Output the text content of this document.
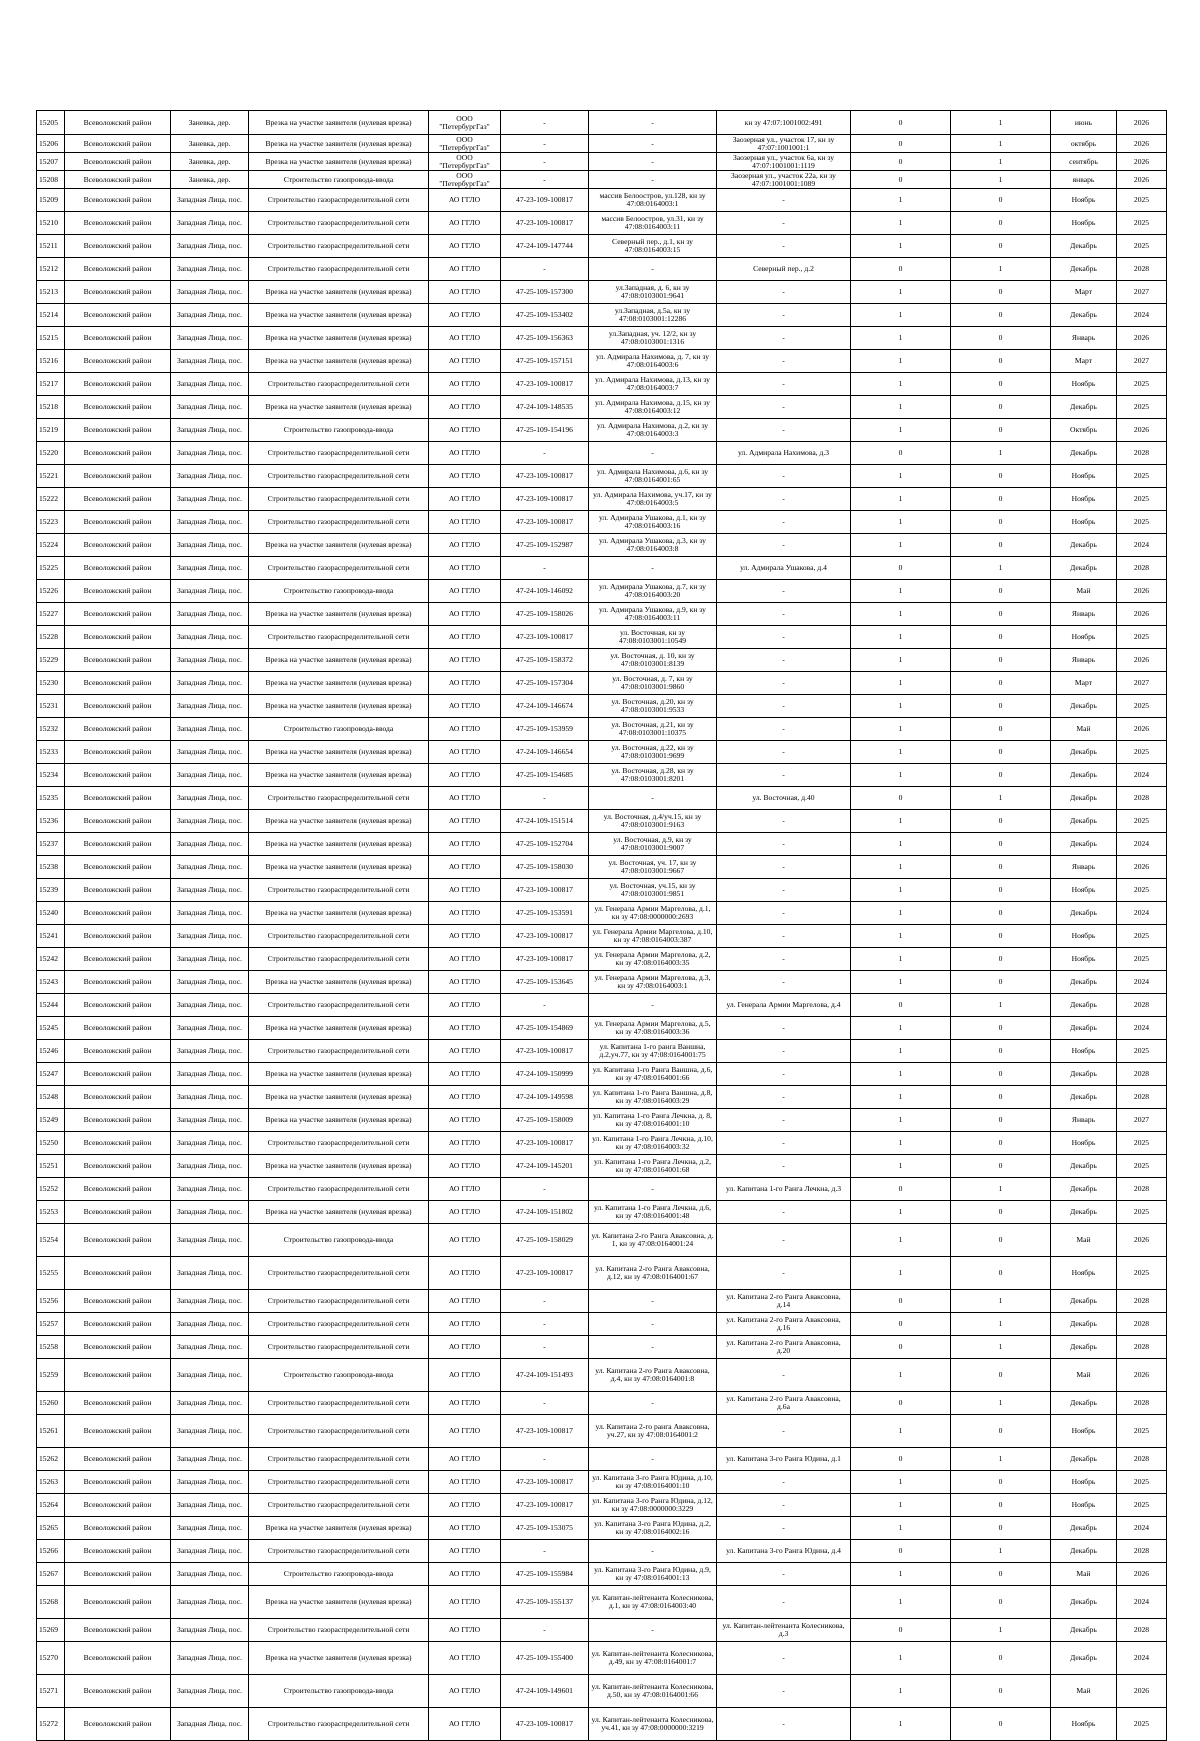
15205	Всеволожский район	Заневка, дер.	Врезка на участке заявителя (нулевая врезка)	ООО "ПетербургГаз"	-	-	кн зу 47:07:1001002:491	0	1	июнь	2026
15206	Всеволожский район	Заневка, дер.	Врезка на участке заявителя (нулевая врезка)	ООО "ПетербургГаз"	-	-	Заозерная ул., участок 17, кн зу 47:07:1001001:1	0	1	октябрь	2026
15207	Всеволожский район	Заневка, дер.	Врезка на участке заявителя (нулевая врезка)	ООО "ПетербургГаз"	-	-	Заозерная ул., участок 6а, кн зу 47:07:1001001:1119	0	1	сентябрь	2026
15208	Всеволожский район	Заневка, дер.	Строительство газопровода-ввода	ООО "ПетербургГаз"	-	-	Заозерная ул., участок 22а, кн зу 47:07:1001001:1089	0	1	январь	2026
15209	Всеволожский район	Западная Лица, пос.	Строительство газораспределительной сети	АО ГГЛО	47-23-109-100817	массив Белоостров, ул.128, кн зу 47:08:0164003:1	-	1	0	Ноябрь	2025
15210	Всеволожский район	Западная Лица, пос.	Строительство газораспределительной сети	АО ГГЛО	47-23-109-100817	массив Белоостров, ул.31, кн зу 47:08:0164003:11	-	1	0	Ноябрь	2025
15211	Всеволожский район	Западная Лица, пос.	Строительство газораспределительной сети	АО ГГЛО	47-24-109-147744	Северный пер., д.1, кн зу 47:08:0164003:15	-	1	0	Декабрь	2025
15212	Всеволожский район	Западная Лица, пос.	Строительство газораспределительной сети	АО ГГЛО	-	-	Северный пер., д.2	0	1	Декабрь	2028
15213	Всеволожский район	Западная Лица, пос.	Врезка на участке заявителя (нулевая врезка)	АО ГГЛО	47-25-109-157300	ул.Западная, д. 6, кн зу 47:08:0103001:9641	-	1	0	Март	2027
15214	Всеволожский район	Западная Лица, пос.	Врезка на участке заявителя (нулевая врезка)	АО ГГЛО	47-25-109-153402	ул.Западная, д.5а, кн зу 47:08:0103001:12286	-	1	0	Декабрь	2024
15215	Всеволожский район	Западная Лица, пос.	Врезка на участке заявителя (нулевая врезка)	АО ГГЛО	47-25-109-156363	ул.Западная, уч. 12/2, кн зу 47:08:0103001:1316	-	1	0	Январь	2026
15216	Всеволожский район	Западная Лица, пос.	Врезка на участке заявителя (нулевая врезка)	АО ГГЛО	47-25-109-157151	ул. Адмирала Нахимова, д. 7, кн зу 47:08:0164003:6	-	1	0	Март	2027
15217	Всеволожский район	Западная Лица, пос.	Строительство газораспределительной сети	АО ГГЛО	47-23-109-100817	ул. Адмирала Нахимова, д.13, кн зу 47:08:0164003:7	-	1	0	Ноябрь	2025
15218	Всеволожский район	Западная Лица, пос.	Врезка на участке заявителя (нулевая врезка)	АО ГГЛО	47-24-109-148535	ул. Адмирала Нахимова, д.15, кн зу 47:08:0164003:12	-	1	0	Декабрь	2025
15219	Всеволожский район	Западная Лица, пос.	Строительство газопровода-ввода	АО ГГЛО	47-25-109-154196	ул. Адмирала Нахимова, д.2, кн зу 47:08:0164003:3	-	1	0	Октябрь	2026
15220	Всеволожский район	Западная Лица, пос.	Строительство газораспределительной сети	АО ГГЛО	-	-	ул. Адмирала Нахимова, д.3	0	1	Декабрь	2028
15221	Всеволожский район	Западная Лица, пос.	Строительство газораспределительной сети	АО ГГЛО	47-23-109-100817	ул. Адмирала Нахимова, д.6, кн зу 47:08:0164001:65	-	1	0	Ноябрь	2025
15222	Всеволожский район	Западная Лица, пос.	Строительство газораспределительной сети	АО ГГЛО	47-23-109-100817	ул. Адмирала Нахимова, уч.17, кн зу 47:08:0164003:5	-	1	0	Ноябрь	2025
15223	Всеволожский район	Западная Лица, пос.	Строительство газораспределительной сети	АО ГГЛО	47-23-109-100817	ул. Адмирала Ушакова, д.1, кн зу 47:08:0164003:16	-	1	0	Ноябрь	2025
15224	Всеволожский район	Западная Лица, пос.	Врезка на участке заявителя (нулевая врезка)	АО ГГЛО	47-25-109-152987	ул. Адмирала Ушакова, д.3, кн зу 47:08:0164003:8	-	1	0	Декабрь	2024
15225	Всеволожский район	Западная Лица, пос.	Строительство газораспределительной сети	АО ГГЛО	-	-	ул. Адмирала Ушакова, д.4	0	1	Декабрь	2028
15226	Всеволожский район	Западная Лица, пос.	Строительство газопровода-ввода	АО ГГЛО	47-24-109-146092	ул. Адмирала Ушакова, д.7, кн зу 47:08:0164003:20	-	1	0	Май	2026
15227	Всеволожский район	Западная Лица, пос.	Врезка на участке заявителя (нулевая врезка)	АО ГГЛО	47-25-109-158026	ул. Адмирала Ушакова, д.9, кн зу 47:08:0164003:11	-	1	0	Январь	2026
15228	Всеволожский район	Западная Лица, пос.	Строительство газораспределительной сети	АО ГГЛО	47-23-109-100817	ул. Восточная, кн зу 47:08:0103001:10549	-	1	0	Ноябрь	2025
15229	Всеволожский район	Западная Лица, пос.	Врезка на участке заявителя (нулевая врезка)	АО ГГЛО	47-25-109-158372	ул. Восточная, д. 10, кн зу 47:08:0103001:8139	-	1	0	Январь	2026
15230	Всеволожский район	Западная Лица, пос.	Врезка на участке заявителя (нулевая врезка)	АО ГГЛО	47-25-109-157304	ул. Восточная, д. 7, кн зу 47:08:0103001:9860	-	1	0	Март	2027
15231	Всеволожский район	Западная Лица, пос.	Врезка на участке заявителя (нулевая врезка)	АО ГГЛО	47-24-109-146674	ул. Восточная, д.20, кн зу 47:08:0103001:9533	-	1	0	Декабрь	2025
15232	Всеволожский район	Западная Лица, пос.	Строительство газопровода-ввода	АО ГГЛО	47-25-109-153959	ул. Восточная, д.21, кн зу 47:08:0103001:10375	-	1	0	Май	2026
15233	Всеволожский район	Западная Лица, пос.	Врезка на участке заявителя (нулевая врезка)	АО ГГЛО	47-24-109-146654	ул. Восточная, д.22, кн зу 47:08:0103001:9699	-	1	0	Декабрь	2025
15234	Всеволожский район	Западная Лица, пос.	Врезка на участке заявителя (нулевая врезка)	АО ГГЛО	47-25-109-154685	ул. Восточная, д.28, кн зу 47:08:0103001:8201	-	1	0	Декабрь	2024
15235	Всеволожский район	Западная Лица, пос.	Строительство газораспределительной сети	АО ГГЛО	-	-	ул. Восточная, д.40	0	1	Декабрь	2028
15236	Всеволожский район	Западная Лица, пос.	Врезка на участке заявителя (нулевая врезка)	АО ГГЛО	47-24-109-151514	ул. Восточная, д.4/уч.15, кн зу 47:08:0103001:9163	-	1	0	Декабрь	2025
15237	Всеволожский район	Западная Лица, пос.	Врезка на участке заявителя (нулевая врезка)	АО ГГЛО	47-25-109-152704	ул. Восточная, д.9, кн зу 47:08:0103001:9007	-	1	0	Декабрь	2024
15238	Всеволожский район	Западная Лица, пос.	Врезка на участке заявителя (нулевая врезка)	АО ГГЛО	47-25-109-158030	ул. Восточная, уч. 17, кн зу 47:08:0103001:9667	-	1	0	Январь	2026
15239	Всеволожский район	Западная Лица, пос.	Строительство газораспределительной сети	АО ГГЛО	47-23-109-100817	ул. Восточная, уч.15, кн зу 47:08:0103001:9851	-	1	0	Ноябрь	2025
15240	Всеволожский район	Западная Лица, пос.	Врезка на участке заявителя (нулевая врезка)	АО ГГЛО	47-25-109-153591	ул. Генерала Армии Маргелова, д.1, кн зу 47:08:0000000:2693	-	1	0	Декабрь	2024
15241	Всеволожский район	Западная Лица, пос.	Строительство газораспределительной сети	АО ГГЛО	47-23-109-100817	ул. Генерала Армии Маргелова, д.10, кн зу 47:08:0164003:387	-	1	0	Ноябрь	2025
15242	Всеволожский район	Западная Лица, пос.	Строительство газораспределительной сети	АО ГГЛО	47-23-109-100817	ул. Генерала Армии Маргелова, д.2, кн зу 47:08:0164003:35	-	1	0	Ноябрь	2025
15243	Всеволожский район	Западная Лица, пос.	Врезка на участке заявителя (нулевая врезка)	АО ГГЛО	47-25-109-153645	ул. Генерала Армии Маргелова, д.3, кн зу 47:08:0164003:1	-	1	0	Декабрь	2024
15244	Всеволожский район	Западная Лица, пос.	Строительство газораспределительной сети	АО ГГЛО	-	-	ул. Генерала Армии Маргелова, д.4	0	1	Декабрь	2028
15245	Всеволожский район	Западная Лица, пос.	Врезка на участке заявителя (нулевая врезка)	АО ГГЛО	47-25-109-154869	ул. Генерала Армии Маргелова, д.5, кн зу 47:08:0164003:36	-	1	0	Декабрь	2024
15246	Всеволожский район	Западная Лица, пос.	Строительство газораспределительной сети	АО ГГЛО	47-23-109-100817	ул. Капитана 1-го ранга Ваншна, д.2,уч.77, кн зу 47:08:0164001:75	-	1	0	Ноябрь	2025
15247	Всеволожский район	Западная Лица, пос.	Врезка на участке заявителя (нулевая врезка)	АО ГГЛО	47-24-109-150999	ул. Капитана 1-го Ранга Ваншна, д.6, кн зу 47:08:0164001:66	-	1	0	Декабрь	2028
15248	Всеволожский район	Западная Лица, пос.	Врезка на участке заявителя (нулевая врезка)	АО ГГЛО	47-24-109-149598	ул. Капитана 1-го Ранга Ваншна, д.8, кн зу 47:08:0164003:29	-	1	0	Декабрь	2028
15249	Всеволожский район	Западная Лица, пос.	Врезка на участке заявителя (нулевая врезка)	АО ГГЛО	47-25-109-158009	ул. Капитана 1-го Ранга Лечкна, д. 8, кн зу 47:08:0164001:10	-	1	0	Январь	2027
15250	Всеволожский район	Западная Лица, пос.	Строительство газораспределительной сети	АО ГГЛО	47-23-109-100817	ул. Капитана 1-го Ранга Лечкна, д.10, кн зу 47:08:0164003:32	-	1	0	Ноябрь	2025
15251	Всеволожский район	Западная Лица, пос.	Врезка на участке заявителя (нулевая врезка)	АО ГГЛО	47-24-109-145201	ул. Капитана 1-го Ранга Лечкна, д.2, кн зу 47:08:0164001:68	-	1	0	Декабрь	2025
15252	Всеволожский район	Западная Лица, пос.	Строительство газораспределительной сети	АО ГГЛО	-	-	ул. Капитана 1-го Ранга Лечкна, д.3	0	1	Декабрь	2028
15253	Всеволожский район	Западная Лица, пос.	Врезка на участке заявителя (нулевая врезка)	АО ГГЛО	47-24-109-151802	ул. Капитана 1-го Ранга Лечкна, д.6, кн зу 47:08:0164001:48	-	1	0	Декабрь	2025
15254	Всеволожский район	Западная Лица, пос.	Строительство газопровода-ввода	АО ГГЛО	47-25-109-158029	ул. Капитана 2-го Ранга Аваксовна, д. 1, кн зу 47:08:0164001:24	-	1	0	Май	2026
15255	Всеволожский район	Западная Лица, пос.	Строительство газораспределительной сети	АО ГГЛО	47-23-109-100817	ул. Капитана 2-го Ранга Аваксовна, д.12, кн зу 47:08:0164001:67	-	1	0	Ноябрь	2025
15256	Всеволожский район	Западная Лица, пос.	Строительство газораспределительной сети	АО ГГЛО	-	-	ул. Капитана 2-го Ранга Аваксовна, д.14	0	1	Декабрь	2028
15257	Всеволожский район	Западная Лица, пос.	Строительство газораспределительной сети	АО ГГЛО	-	-	ул. Капитана 2-го Ранга Аваксовна, д.16	0	1	Декабрь	2028
15258	Всеволожский район	Западная Лица, пос.	Строительство газораспределительной сети	АО ГГЛО	-	-	ул. Капитана 2-го Ранга Аваксовна, д.20	0	1	Декабрь	2028
15259	Всеволожский район	Западная Лица, пос.	Строительство газопровода-ввода	АО ГГЛО	47-24-109-151493	ул. Капитана 2-го Ранга Аваксовна, д.4, кн зу 47:08:0164001:8	-	1	0	Май	2026
15260	Всеволожский район	Западная Лица, пос.	Строительство газораспределительной сети	АО ГГЛО	-	-	ул. Капитана 2-го Ранга Аваксовна, д.6а	0	1	Декабрь	2028
15261	Всеволожский район	Западная Лица, пос.	Строительство газораспределительной сети	АО ГГЛО	47-23-109-100817	ул. Капитана 2-го ранга Аваксовна, уч.27, кн зу 47:08:0164001:2	-	1	0	Ноябрь	2025
15262	Всеволожский район	Западная Лица, пос.	Строительство газораспределительной сети	АО ГГЛО	-	-	ул. Капитана 3-го Ранга Юдина, д.1	0	1	Декабрь	2028
15263	Всеволожский район	Западная Лица, пос.	Строительство газораспределительной сети	АО ГГЛО	47-23-109-100817	ул. Капитана 3-го Ранга Юдина, д.10, кн зу 47:08:0164001:10	-	1	0	Ноябрь	2025
15264	Всеволожский район	Западная Лица, пос.	Строительство газораспределительной сети	АО ГГЛО	47-23-109-100817	ул. Капитана 3-го Ранга Юдина, д.12, кн зу 47:08:0000000:3229	-	1	0	Ноябрь	2025
15265	Всеволожский район	Западная Лица, пос.	Врезка на участке заявителя (нулевая врезка)	АО ГГЛО	47-25-109-153075	ул. Капитана 3-го Ранга Юдина, д.2, кн зу 47:08:0164002:16	-	1	0	Декабрь	2024
15266	Всеволожский район	Западная Лица, пос.	Строительство газораспределительной сети	АО ГГЛО	-	-	ул. Капитана 3-го Ранга Юдина, д.4	0	1	Декабрь	2028
15267	Всеволожский район	Западная Лица, пос.	Строительство газопровода-ввода	АО ГГЛО	47-25-109-155984	ул. Капитана 3-го Ранга Юдина, д.9, кн зу 47:08:0164001:13	-	1	0	Май	2026
15268	Всеволожский район	Западная Лица, пос.	Врезка на участке заявителя (нулевая врезка)	АО ГГЛО	47-25-109-155137	ул. Капитан-лейтенанта Колесникова, д.1, кн зу 47:08:0164003:40	-	1	0	Декабрь	2024
15269	Всеволожский район	Западная Лица, пос.	Строительство газораспределительной сети	АО ГГЛО	-	-	ул. Капитан-лейтенанта Колесникова, д.3	0	1	Декабрь	2028
15270	Всеволожский район	Западная Лица, пос.	Врезка на участке заявителя (нулевая врезка)	АО ГГЛО	47-25-109-155400	ул. Капитан-лейтенанта Колесникова, д.49, кн зу 47:08:0164001:7	-	1	0	Декабрь	2024
15271	Всеволожский район	Западная Лица, пос.	Строительство газопровода-ввода	АО ГГЛО	47-24-109-149601	ул. Капитан-лейтенанта Колесникова, д.50, кн зу 47:08:0164001:66	-	1	0	Май	2026
15272	Всеволожский район	Западная Лица, пос.	Строительство газораспределительной сети	АО ГГЛО	47-23-109-100817	ул. Капитан-лейтенанта Колесникова, уч.41, кн зу 47:08:0000000:3219	-	1	0	Ноябрь	2025
